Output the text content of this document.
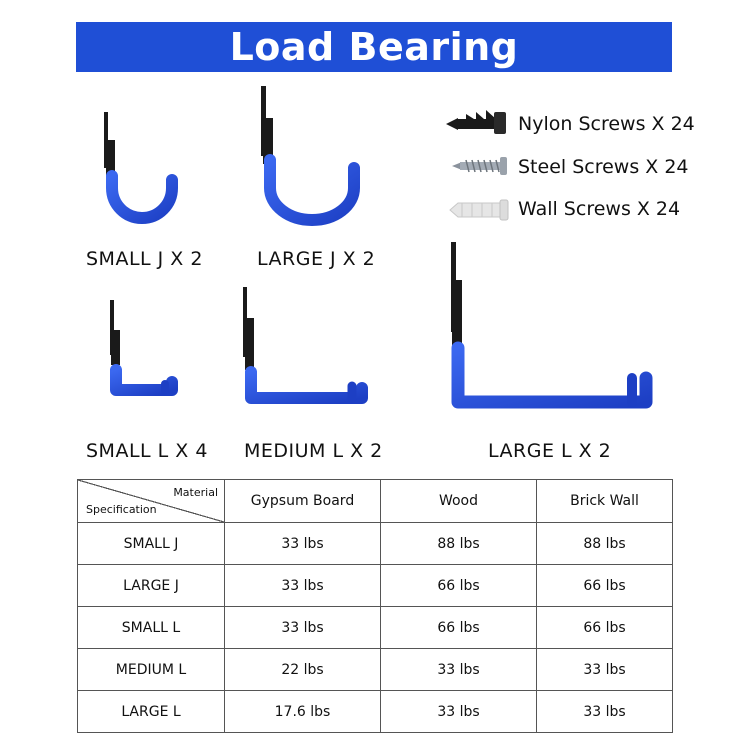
Load Bearing
SMALL J X 2	LARGE J X 2
Nylon Screws X 24
Steel Screws X 24
Wall Screws X 24
SMALL L X 4 MEDIUM L X 2	LARGE L X 2
Material
Specification	Gypsum Board	Wood	Brick Wall
SMALL J	33 lbs	88 lbs	88 lbs
LARGE J	33 lbs	66 lbs	66 lbs
SMALL L	33 lbs	66 lbs	66 lbs
MEDIUM L	22 lbs	33 lbs	33 lbs
LARGE L	17.6 lbs	33 lbs	33 lbs
